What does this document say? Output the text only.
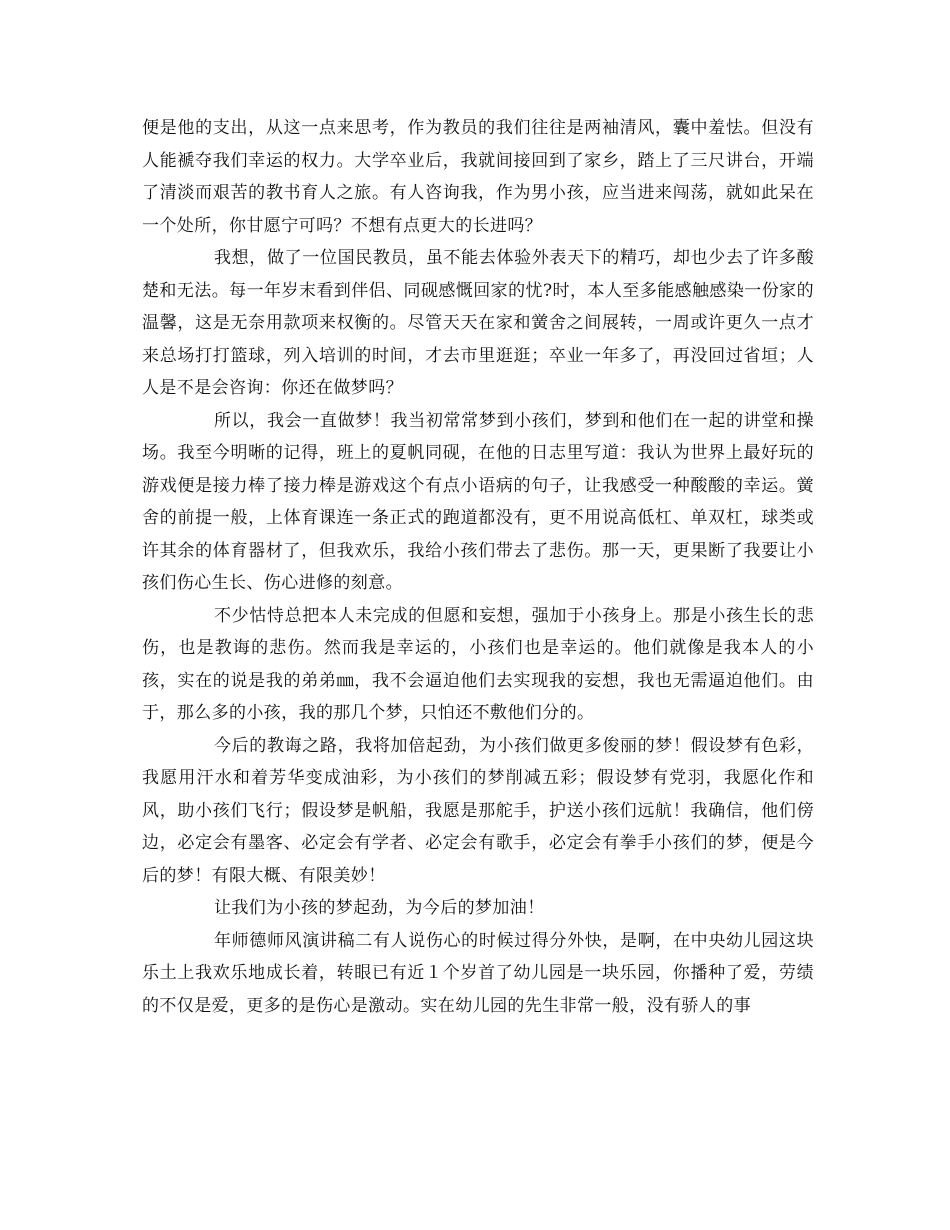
便是他的支出，从这一点来思考，作为教员的我们往往是两袖清风，囊中羞怯。但没有人能褫夺我们幸运的权力。大学卒业后，我就间接回到了家乡，踏上了三尺讲台，开端了清淡而艰苦的教书育人之旅。有人咨询我，作为男小孩，应当进来闯荡，就如此呆在一个处所，你甘愿宁可吗？不想有点更大的长进吗？

我想，做了一位国民教员，虽不能去体验外表天下的精巧，却也少去了许多酸楚和无法。每一年岁末看到伴侣、同砚感慨回家的忧?时，本人至多能感触感染一份家的温馨，这是无奈用款项来权衡的。尽管天天在家和黉舍之间展转，一周或许更久一点才来总场打打篮球，列入培训的时间，才去市里逛逛；卒业一年多了，再没回过省垣；人人是不是会咨询：你还在做梦吗？

所以，我会一直做梦！我当初常常梦到小孩们，梦到和他们在一起的讲堂和操场。我至今明晰的记得，班上的夏帆同砚，在他的日志里写道：我认为世界上最好玩的游戏便是接力棒了接力棒是游戏这个有点小语病的句子，让我感受一种酸酸的幸运。黉舍的前提一般，上体育课连一条正式的跑道都没有，更不用说高低杠、单双杠，球类或许其余的体育器材了，但我欢乐，我给小孩们带去了悲伤。那一天，更果断了我要让小孩们伤心生长、伤心进修的刻意。

不少怙恃总把本人未完成的但愿和妄想，强加于小孩身上。那是小孩生长的悲伤，也是教诲的悲伤。然而我是幸运的，小孩们也是幸运的。他们就像是我本人的小孩，实在的说是我的弟弟㎜，我不会逼迫他们去实现我的妄想，我也无需逼迫他们。由于，那么多的小孩，我的那几个梦，只怕还不敷他们分的。

今后的教诲之路，我将加倍起劲，为小孩们做更多俊丽的梦！假设梦有色彩，我愿用汗水和着芳华变成油彩，为小孩们的梦削减五彩；假设梦有党羽，我愿化作和风，助小孩们飞行；假设梦是帆船，我愿是那舵手，护送小孩们远航！我确信，他们傍边，必定会有墨客、必定会有学者、必定会有歌手，必定会有拳手小孩们的梦，便是今后的梦！有限大概、有限美妙！

让我们为小孩的梦起劲，为今后的梦加油！

年师德师风演讲稿二有人说伤心的时候过得分外快，是啊，在中央幼儿园这块乐土上我欢乐地成长着，转眼已有近１个岁首了幼儿园是一块乐园，你播种了爱，劳绩的不仅是爱，更多的是伤心是激动。实在幼儿园的先生非常一般，没有骄人的事
